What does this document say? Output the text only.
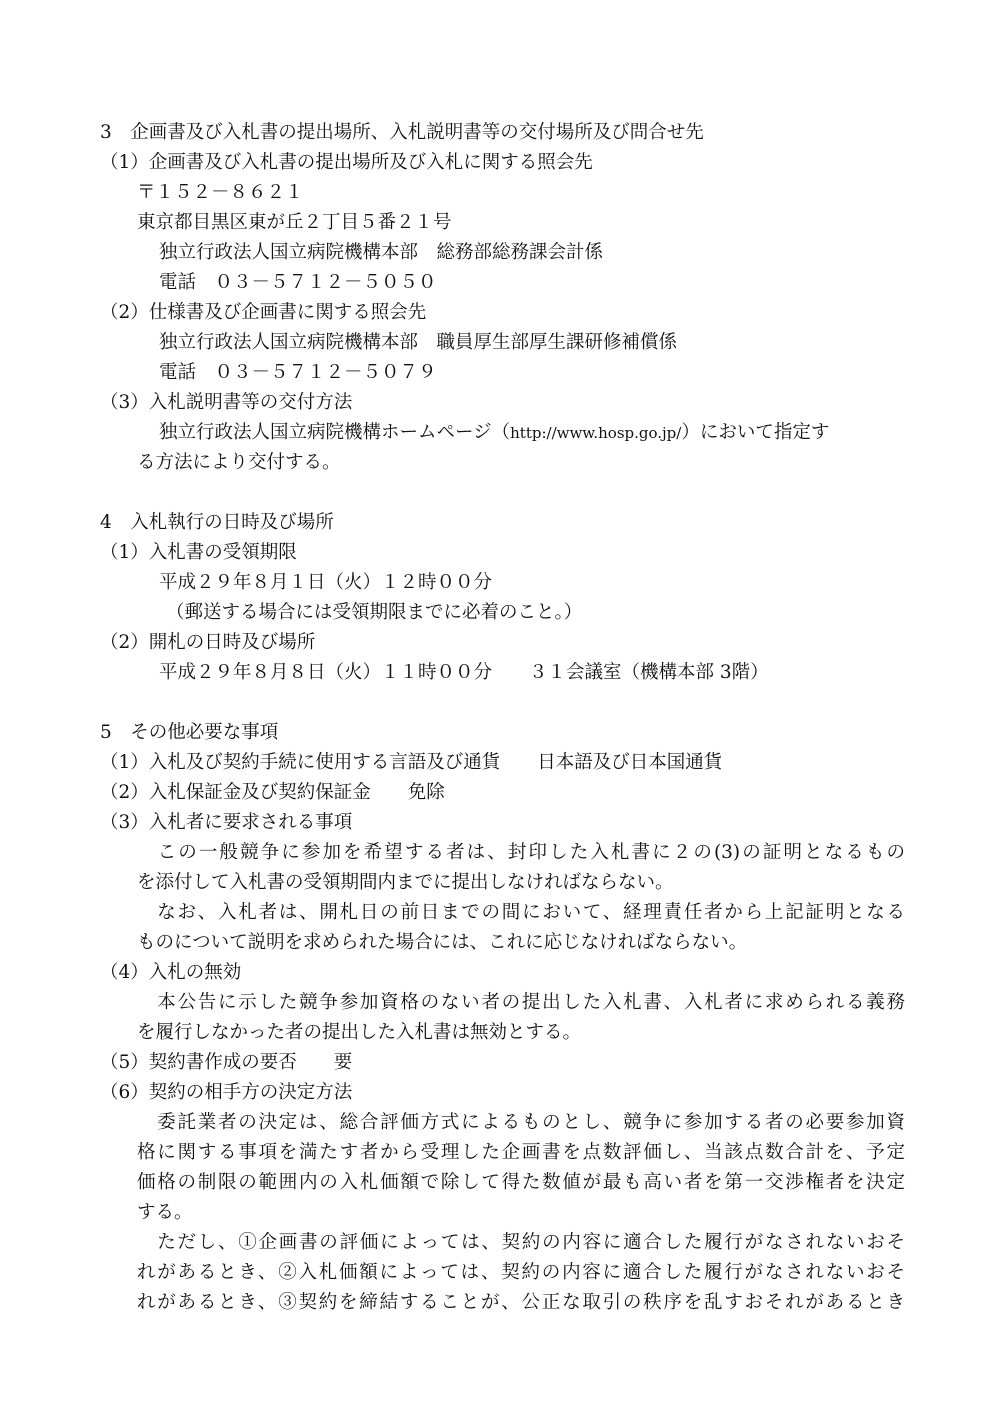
3　企画書及び入札書の提出場所、入札説明書等の交付場所及び問合せ先
（1）企画書及び入札書の提出場所及び入札に関する照会先
〒１５２－８６２１
東京都目黒区東が丘２丁目５番２１号
独立行政法人国立病院機構本部　総務部総務課会計係
電話　０３－５７１２－５０５０
（2）仕様書及び企画書に関する照会先
独立行政法人国立病院機構本部　職員厚生部厚生課研修補償係
電話　０３－５７１２－５０７９
（3）入札説明書等の交付方法
独立行政法人国立病院機構ホームページ（http://www.hosp.go.jp/）において指定す
る方法により交付する。
4　入札執行の日時及び場所
（1）入札書の受領期限
平成２９年８月１日（火）１２時００分
（郵送する場合には受領期限までに必着のこと。）
（2）開札の日時及び場所
平成２９年８月８日（火）１１時００分　　３１会議室（機構本部 3階）
5　その他必要な事項
（1）入札及び契約手続に使用する言語及び通貨　　日本語及び日本国通貨
（2）入札保証金及び契約保証金　　免除
（3）入札者に要求される事項
　この一般競争に参加を希望する者は、封印した入札書に２の(3)の証明となるもの
を添付して入札書の受領期間内までに提出しなければならない。
　なお、入札者は、開札日の前日までの間において、経理責任者から上記証明となる
ものについて説明を求められた場合には、これに応じなければならない。
（4）入札の無効
　本公告に示した競争参加資格のない者の提出した入札書、入札者に求められる義務
を履行しなかった者の提出した入札書は無効とする。
（5）契約書作成の要否　　要
（6）契約の相手方の決定方法
　委託業者の決定は、総合評価方式によるものとし、競争に参加する者の必要参加資
格に関する事項を満たす者から受理した企画書を点数評価し、当該点数合計を、予定
価格の制限の範囲内の入札価額で除して得た数値が最も高い者を第一交渉権者を決定
する。
　ただし、①企画書の評価によっては、契約の内容に適合した履行がなされないおそ
れがあるとき、②入札価額によっては、契約の内容に適合した履行がなされないおそ
れがあるとき、③契約を締結することが、公正な取引の秩序を乱すおそれがあるとき
